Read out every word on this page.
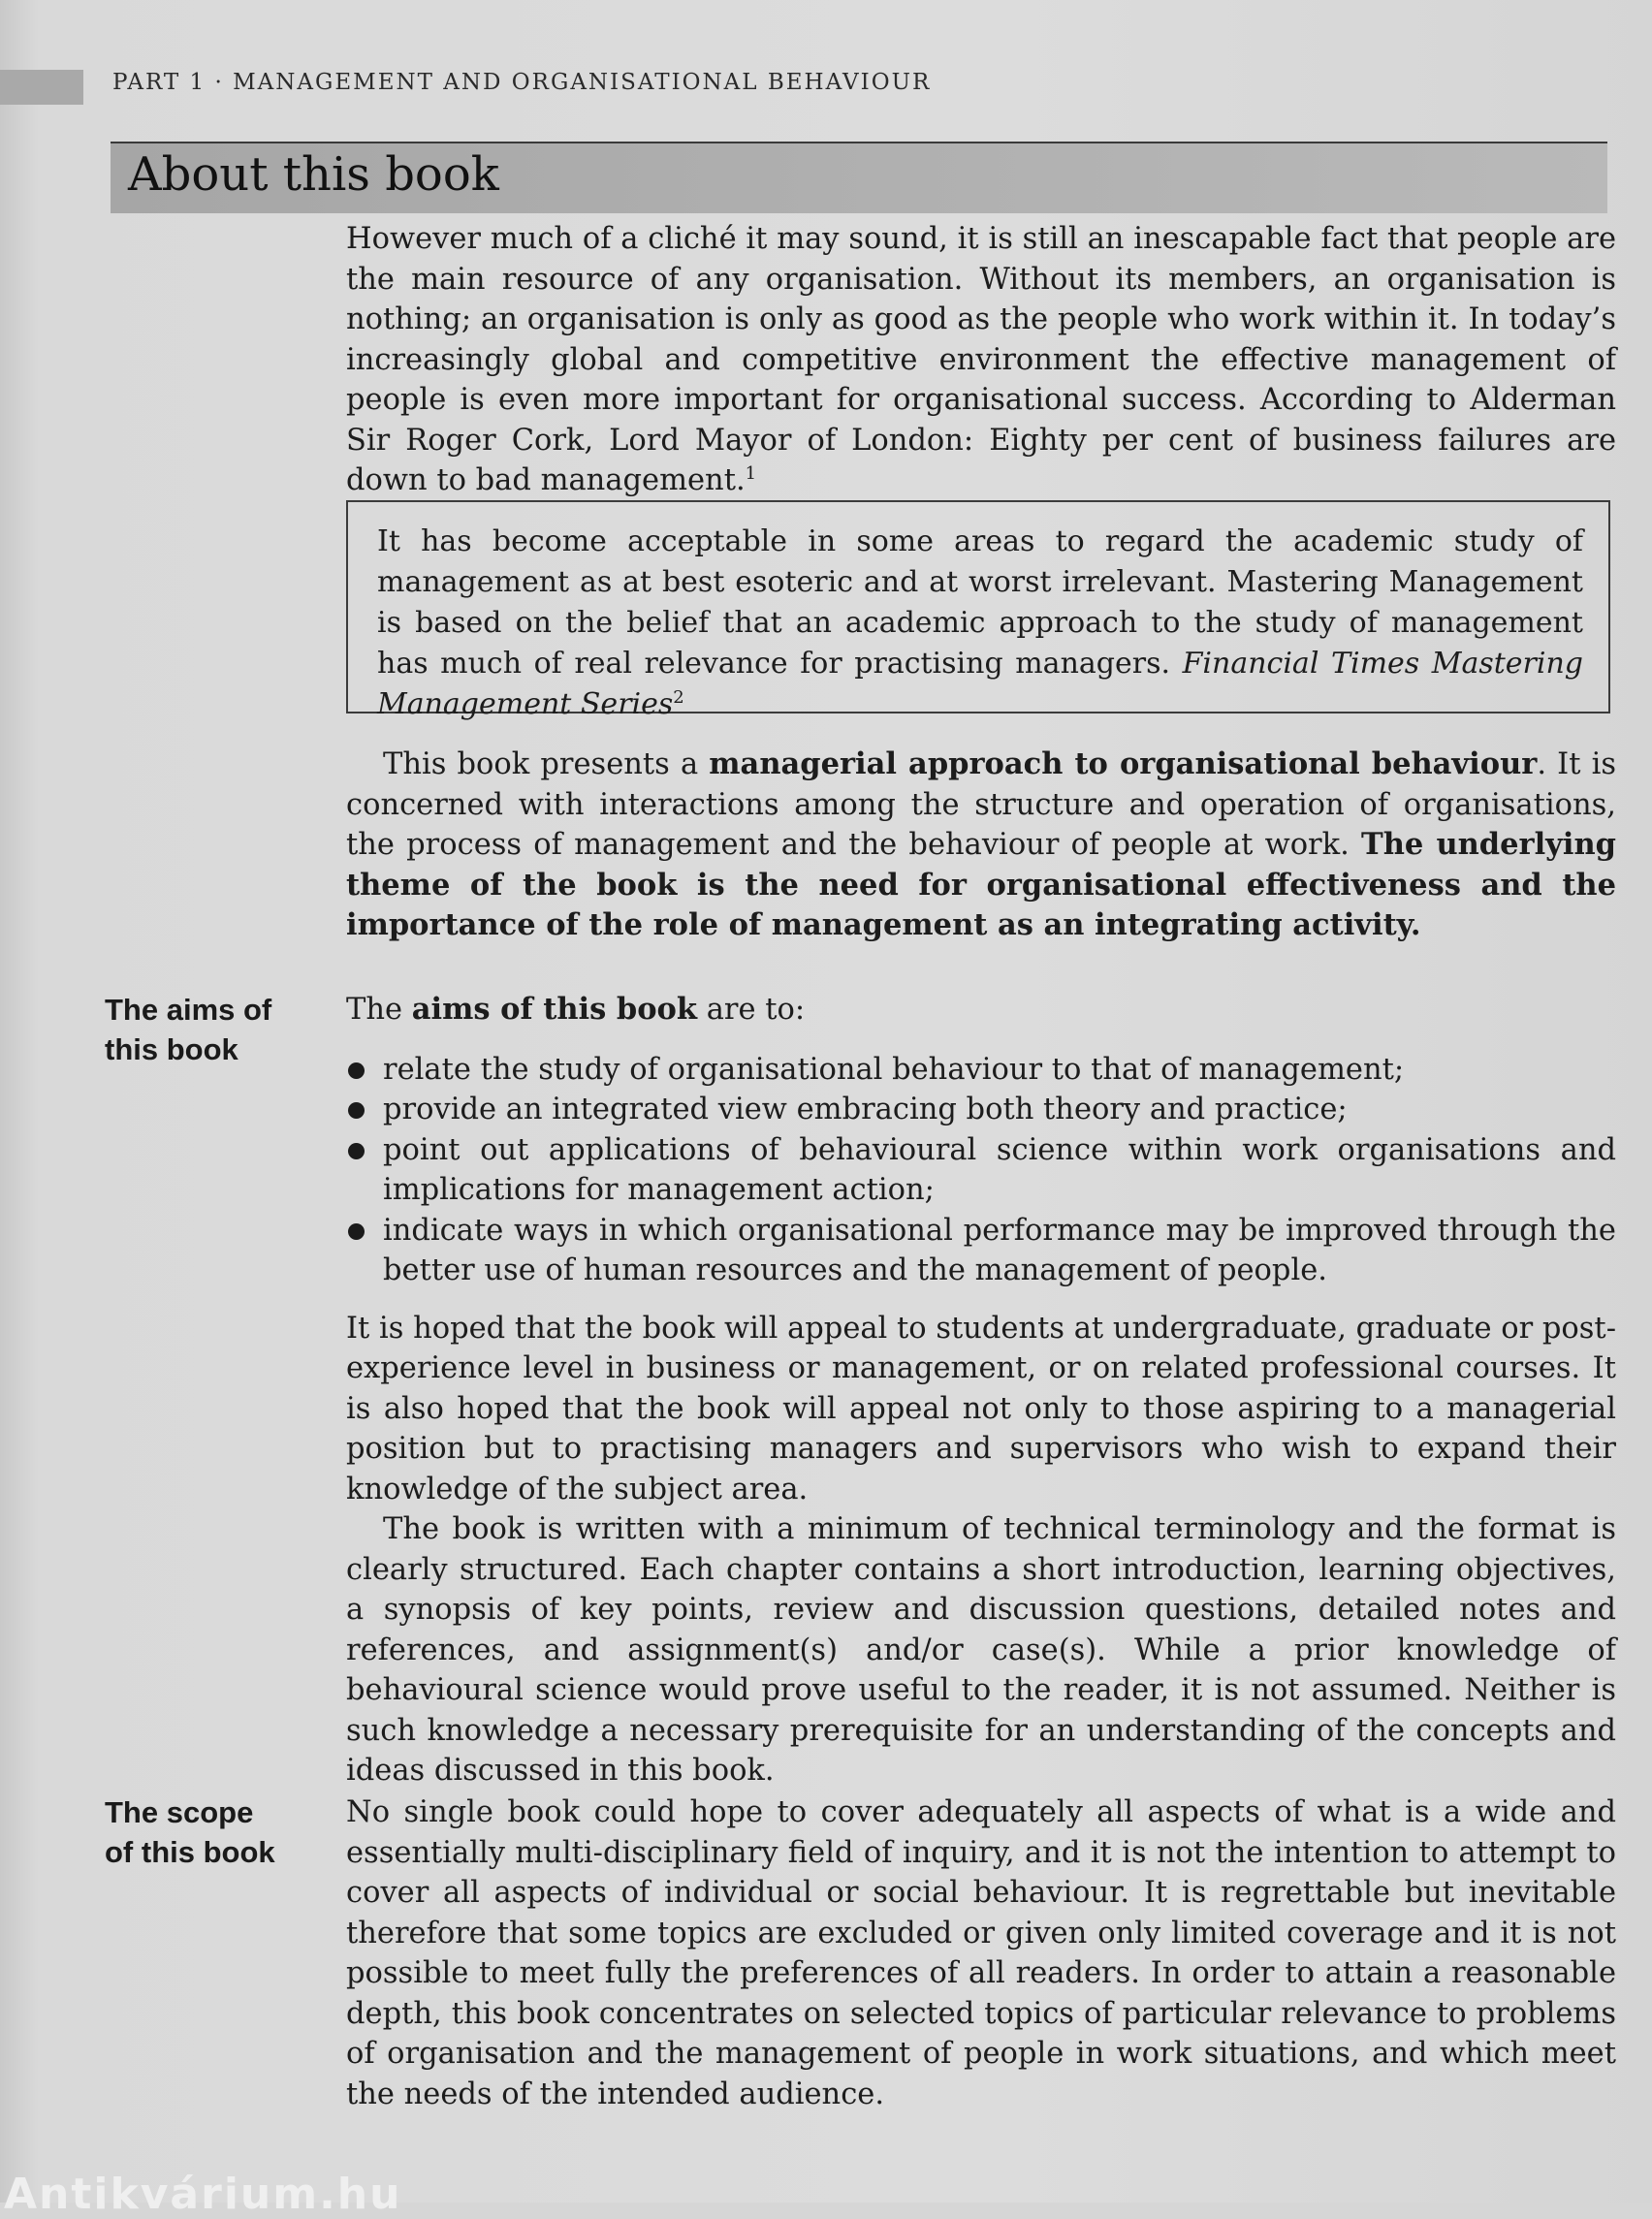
PART 1 · MANAGEMENT AND ORGANISATIONAL BEHAVIOUR
About this book

However much of a cliché it may sound, it is still an inescapable fact that people are the main resource of any organisation. Without its members, an organisation is nothing; an organisation is only as good as the people who work within it. In today’s increasingly global and competitive environment the effective management of people is even more important for organisational success. According to Alderman Sir Roger Cork, Lord Mayor of London: Eighty per cent of business failures are down to bad management.$^1$

It has become acceptable in some areas to regard the academic study of management as at best esoteric and at worst irrelevant. Mastering Management is based on the belief that an academic approach to the study of management has much of real relevance for practising managers. Financial Times Mastering Management Series$^2$

This book presents a managerial approach to organisational behaviour. It is concerned with interactions among the structure and operation of organisations, the process of management and the behaviour of people at work. The underlying theme of the book is the need for organisational effectiveness and the importance of the role of management as an integrating activity.

The aims of
this book

The aims of this book are to:

relate the study of organisational behaviour to that of management;
provide an integrated view embracing both theory and practice;
point out applications of behavioural science within work organisations and implications for management action;
indicate ways in which organisational performance may be improved through the better use of human resources and the management of people.

It is hoped that the book will appeal to students at undergraduate, graduate or post-experience level in business or management, or on related professional courses. It is also hoped that the book will appeal not only to those aspiring to a managerial position but to practising managers and supervisors who wish to expand their knowledge of the subject area.

The book is written with a minimum of technical terminology and the format is clearly structured. Each chapter contains a short introduction, learning objectives, a synopsis of key points, review and discussion questions, detailed notes and references, and assignment(s) and/or case(s). While a prior knowledge of behavioural science would prove useful to the reader, it is not assumed. Neither is such knowledge a necessary prerequisite for an understanding of the concepts and ideas discussed in this book.

The scope
of this book

No single book could hope to cover adequately all aspects of what is a wide and essentially multi-disciplinary field of inquiry, and it is not the intention to attempt to cover all aspects of individual or social behaviour. It is regrettable but inevitable therefore that some topics are excluded or given only limited coverage and it is not possible to meet fully the preferences of all readers. In order to attain a reasonable depth, this book concentrates on selected topics of particular relevance to problems of organisation and the management of people in work situations, and which meet the needs of the intended audience.

Antikvárium.hu
